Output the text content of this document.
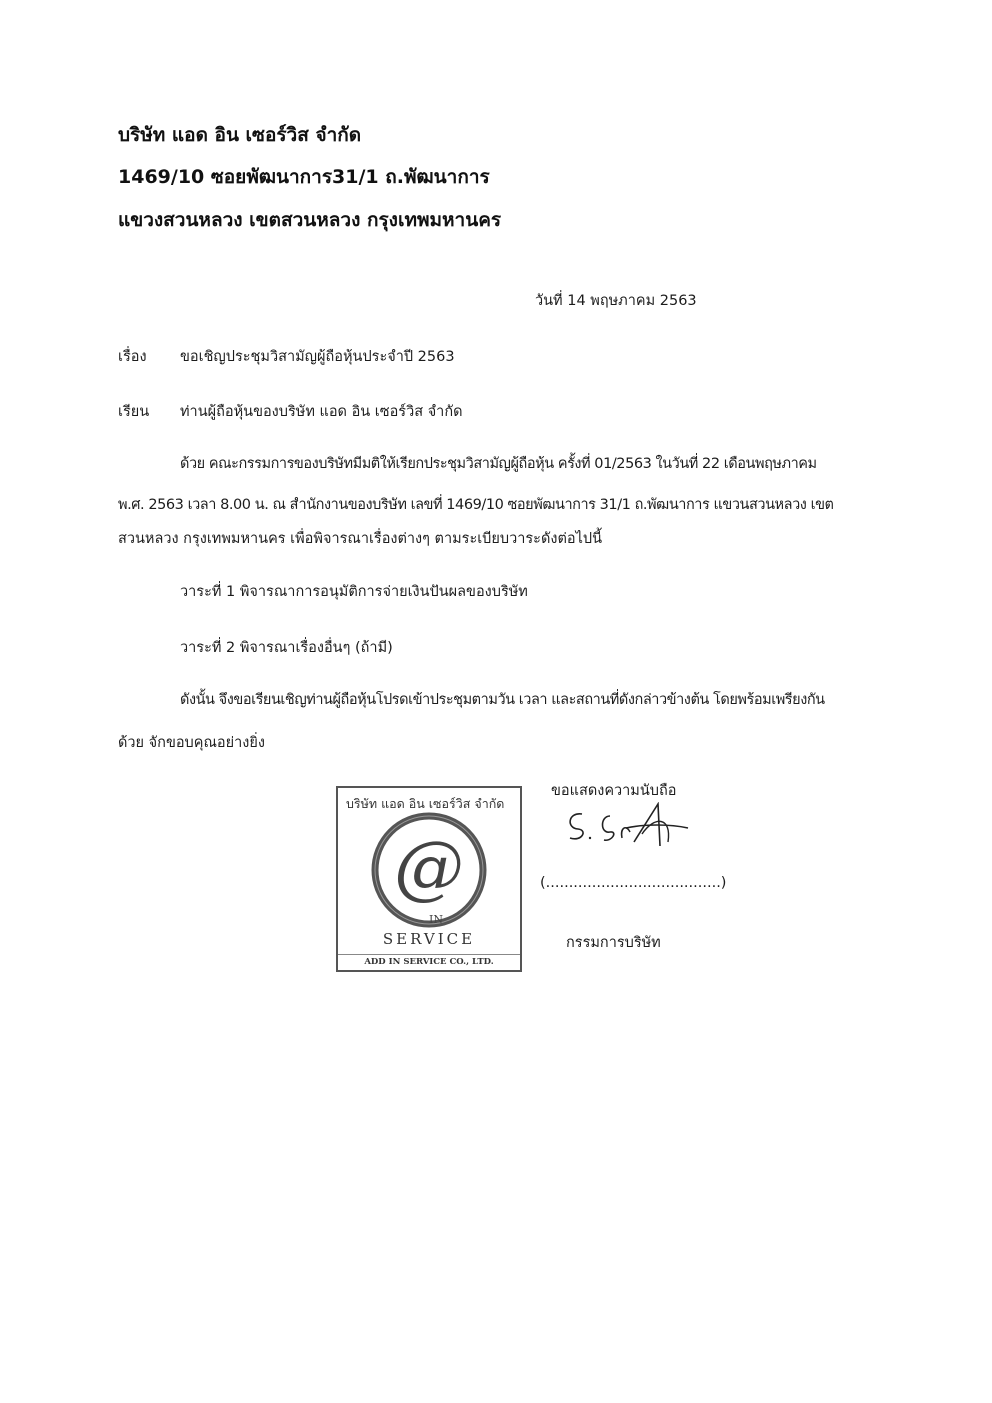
บริษัท แอด อิน เซอร์วิส จำกัด
1469/10 ซอยพัฒนาการ31/1 ถ.พัฒนาการ
แขวงสวนหลวง เขตสวนหลวง กรุงเทพมหานคร
วันที่ 14 พฤษภาคม 2563
เรื่อง ขอเชิญประชุมวิสามัญผู้ถือหุ้นประจำปี 2563
เรียน ท่านผู้ถือหุ้นของบริษัท แอด อิน เซอร์วิส จำกัด
ด้วย คณะกรรมการของบริษัทมีมติให้เรียกประชุมวิสามัญผู้ถือหุ้น ครั้งที่ 01/2563 ในวันที่ 22 เดือนพฤษภาคม
พ.ศ. 2563 เวลา 8.00 น. ณ สำนักงานของบริษัท เลขที่ 1469/10 ซอยพัฒนาการ 31/1 ถ.พัฒนาการ แขวนสวนหลวง เขต
สวนหลวง กรุงเทพมหานคร เพื่อพิจารณาเรื่องต่างๆ ตามระเบียบวาระดังต่อไปนี้
วาระที่ 1 พิจารณาการอนุมัติการจ่ายเงินปันผลของบริษัท
วาระที่ 2 พิจารณาเรื่องอื่นๆ (ถ้ามี)
ดังนั้น จึงขอเรียนเชิญท่านผู้ถือหุ้นโปรดเข้าประชุมตามวัน เวลา และสถานที่ดังกล่าวข้างต้น โดยพร้อมเพรียงกัน
ด้วย จักขอบคุณอย่างยิ่ง
บริษัท แอด อิน เซอร์วิส จำกัด
@
IN
SERVICE
ADD IN SERVICE CO., LTD.
ขอแสดงความนับถือ
(......................................)
กรรมการบริษัท
